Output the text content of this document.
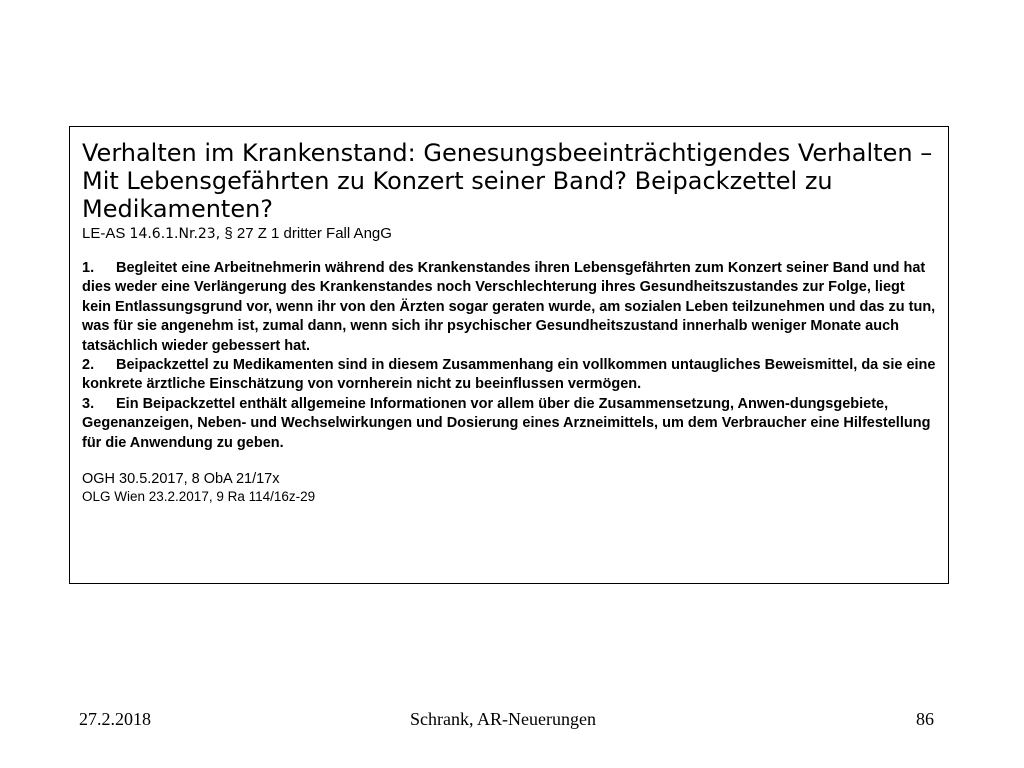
Verhalten im Krankenstand: Genesungsbeeinträchtigendes Verhalten – Mit Lebensgefährten zu Konzert seiner Band? Beipackzettel zu Medikamenten?
LE-AS 14.6.1.Nr.23, § 27 Z 1 dritter Fall AngG

1. Begleitet eine Arbeitnehmerin während des Krankenstandes ihren Lebensgefährten zum Konzert seiner Band und hat dies weder eine Verlängerung des Krankenstandes noch Verschlechterung ihres Gesundheitszustandes zur Folge, liegt kein Entlassungsgrund vor, wenn ihr von den Ärzten sogar geraten wurde, am sozialen Leben teilzunehmen und das zu tun, was für sie angenehm ist, zumal dann, wenn sich ihr psychischer Gesundheitszustand innerhalb weniger Monate auch tatsächlich wieder gebessert hat.

2. Beipackzettel zu Medikamenten sind in diesem Zusammenhang ein vollkommen untaugliches Beweismittel, da sie eine konkrete ärztliche Einschätzung von vornherein nicht zu beeinflussen vermögen.

3. Ein Beipackzettel enthält allgemeine Informationen vor allem über die Zusammensetzung, Anwen-dungsgebiete, Gegenanzeigen, Neben- und Wechselwirkungen und Dosierung eines Arzneimittels, um dem Verbraucher eine Hilfestellung für die Anwendung zu geben.

OGH 30.5.2017, 8 ObA 21/17x
OLG Wien 23.2.2017, 9 Ra 114/16z-29
27.2.2018	Schrank, AR-Neuerungen	86
